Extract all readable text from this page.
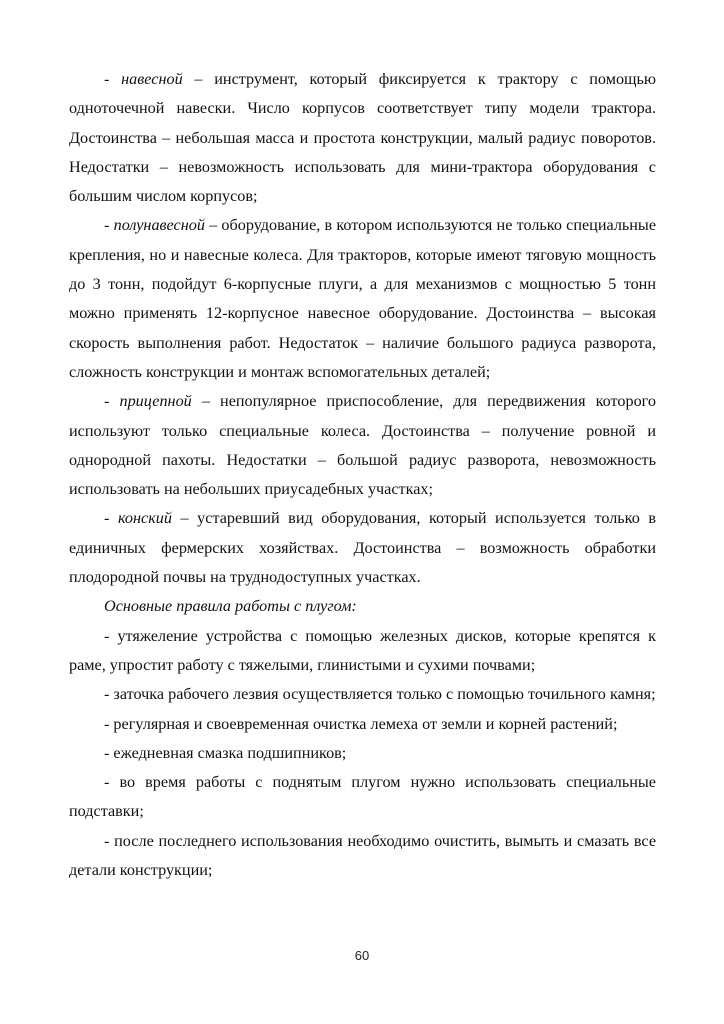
- навесной – инструмент, который фиксируется к трактору с помощью одноточечной навески. Число корпусов соответствует типу модели трактора. Достоинства – небольшая масса и простота конструкции, малый радиус поворотов. Недостатки – невозможность использовать для мини-трактора оборудования с большим числом корпусов;

- полунавесной – оборудование, в котором используются не только специальные крепления, но и навесные колеса. Для тракторов, которые имеют тяговую мощность до 3 тонн, подойдут 6-корпусные плуги, а для механизмов с мощностью 5 тонн можно применять 12-корпусное навесное оборудование. Достоинства – высокая скорость выполнения работ. Недостаток – наличие большого радиуса разворота, сложность конструкции и монтаж вспомогательных деталей;

- прицепной – непопулярное приспособление, для передвижения которого используют только специальные колеса. Достоинства – получение ровной и однородной пахоты. Недостатки – большой радиус разворота, невозможность использовать на небольших приусадебных участках;

- конский – устаревший вид оборудования, который используется только в единичных фермерских хозяйствах. Достоинства – возможность обработки плодородной почвы на труднодоступных участках.

Основные правила работы с плугом:

- утяжеление устройства с помощью железных дисков, которые крепятся к раме, упростит работу с тяжелыми, глинистыми и сухими почвами;

- заточка рабочего лезвия осуществляется только с помощью точильного камня;

- регулярная и своевременная очистка лемеха от земли и корней растений;

- ежедневная смазка подшипников;

- во время работы с поднятым плугом нужно использовать специальные подставки;

- после последнего использования необходимо очистить, вымыть и смазать все детали конструкции;

60
